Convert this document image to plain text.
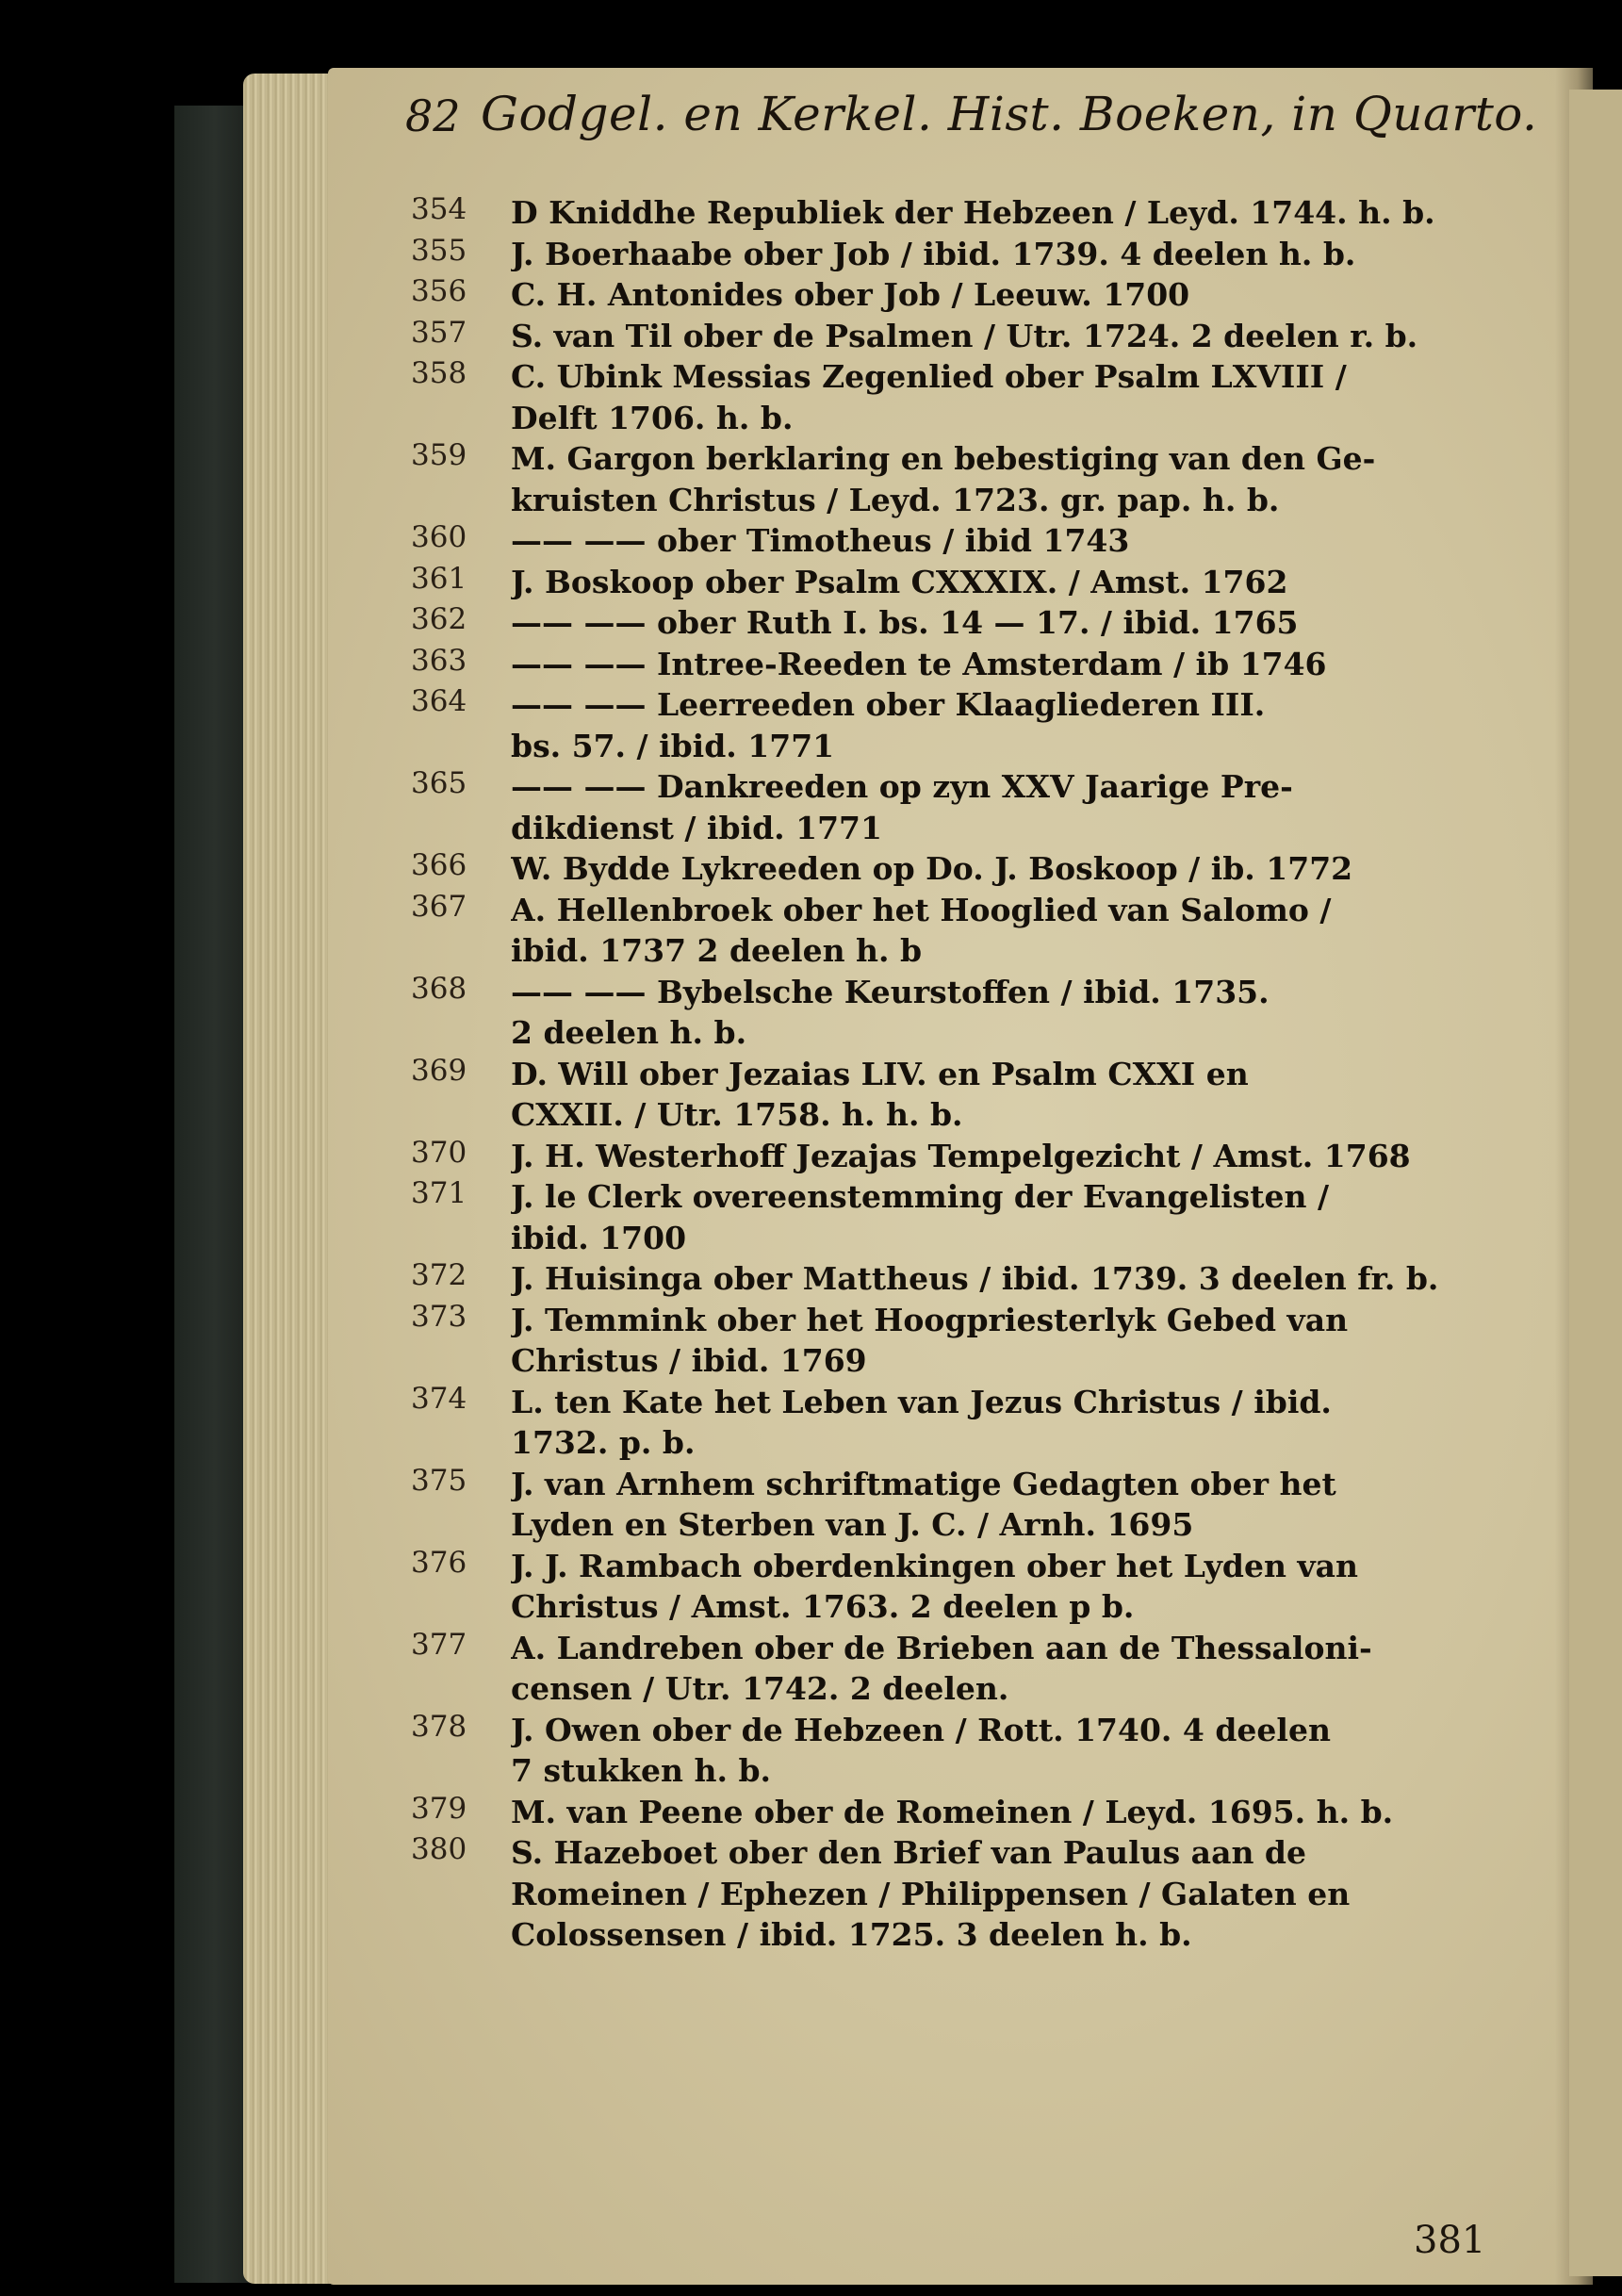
82 Godgel. en Kerkel. Hist. Boeken, in Quarto.
354 D Kniddhe Republiek der Hebzeen / Leyd. 1744. h. b.
355 J. Boerhaabe ober Job / ibid. 1739. 4 deelen h. b.
356 C. H. Antonides ober Job / Leeuw. 1700
357 S. van Til ober de Psalmen / Utr. 1724. 2 deelen r. b.
358 C. Ubink Messias Zegenlied ober Psalm LXVIII /
Delft 1706. h. b.
359 M. Gargon berklaring en bebestiging van den Ge-
kruisten Christus / Leyd. 1723. gr. pap. h. b.
360 —— —— ober Timotheus / ibid 1743
361 J. Boskoop ober Psalm CXXXIX. / Amst. 1762
362 —— —— ober Ruth I. bs. 14 — 17. / ibid. 1765
363 —— —— Intree-Reeden te Amsterdam / ib 1746
364 —— —— Leerreeden ober Klaagliederen III.
bs. 57. / ibid. 1771
365 —— —— Dankreeden op zyn XXV Jaarige Pre-
dikdienst / ibid. 1771
366 W. Bydde Lykreeden op Do. J. Boskoop / ib. 1772
367 A. Hellenbroek ober het Hooglied van Salomo /
ibid. 1737 2 deelen h. b
368 —— —— Bybelsche Keurstoffen / ibid. 1735.
2 deelen h. b.
369 D. Will ober Jezaias LIV. en Psalm CXXI en
CXXII. / Utr. 1758. h. h. b.
370 J. H. Westerhoff Jezajas Tempelgezicht / Amst. 1768
371 J. le Clerk overeenstemming der Evangelisten /
ibid. 1700
372 J. Huisinga ober Mattheus / ibid. 1739. 3 deelen fr. b.
373 J. Temmink ober het Hoogpriesterlyk Gebed van
Christus / ibid. 1769
374 L. ten Kate het Leben van Jezus Christus / ibid.
1732. p. b.
375 J. van Arnhem schriftmatige Gedagten ober het
Lyden en Sterben van J. C. / Arnh. 1695
376 J. J. Rambach oberdenkingen ober het Lyden van
Christus / Amst. 1763. 2 deelen p b.
377 A. Landreben ober de Brieben aan de Thessaloni-
censen / Utr. 1742. 2 deelen.
378 J. Owen ober de Hebzeen / Rott. 1740. 4 deelen
7 stukken h. b.
379 M. van Peene ober de Romeinen / Leyd. 1695. h. b.
380 S. Hazeboet ober den Brief van Paulus aan de
Romeinen / Ephezen / Philippensen / Galaten en
Colossensen / ibid. 1725. 3 deelen h. b.
381
